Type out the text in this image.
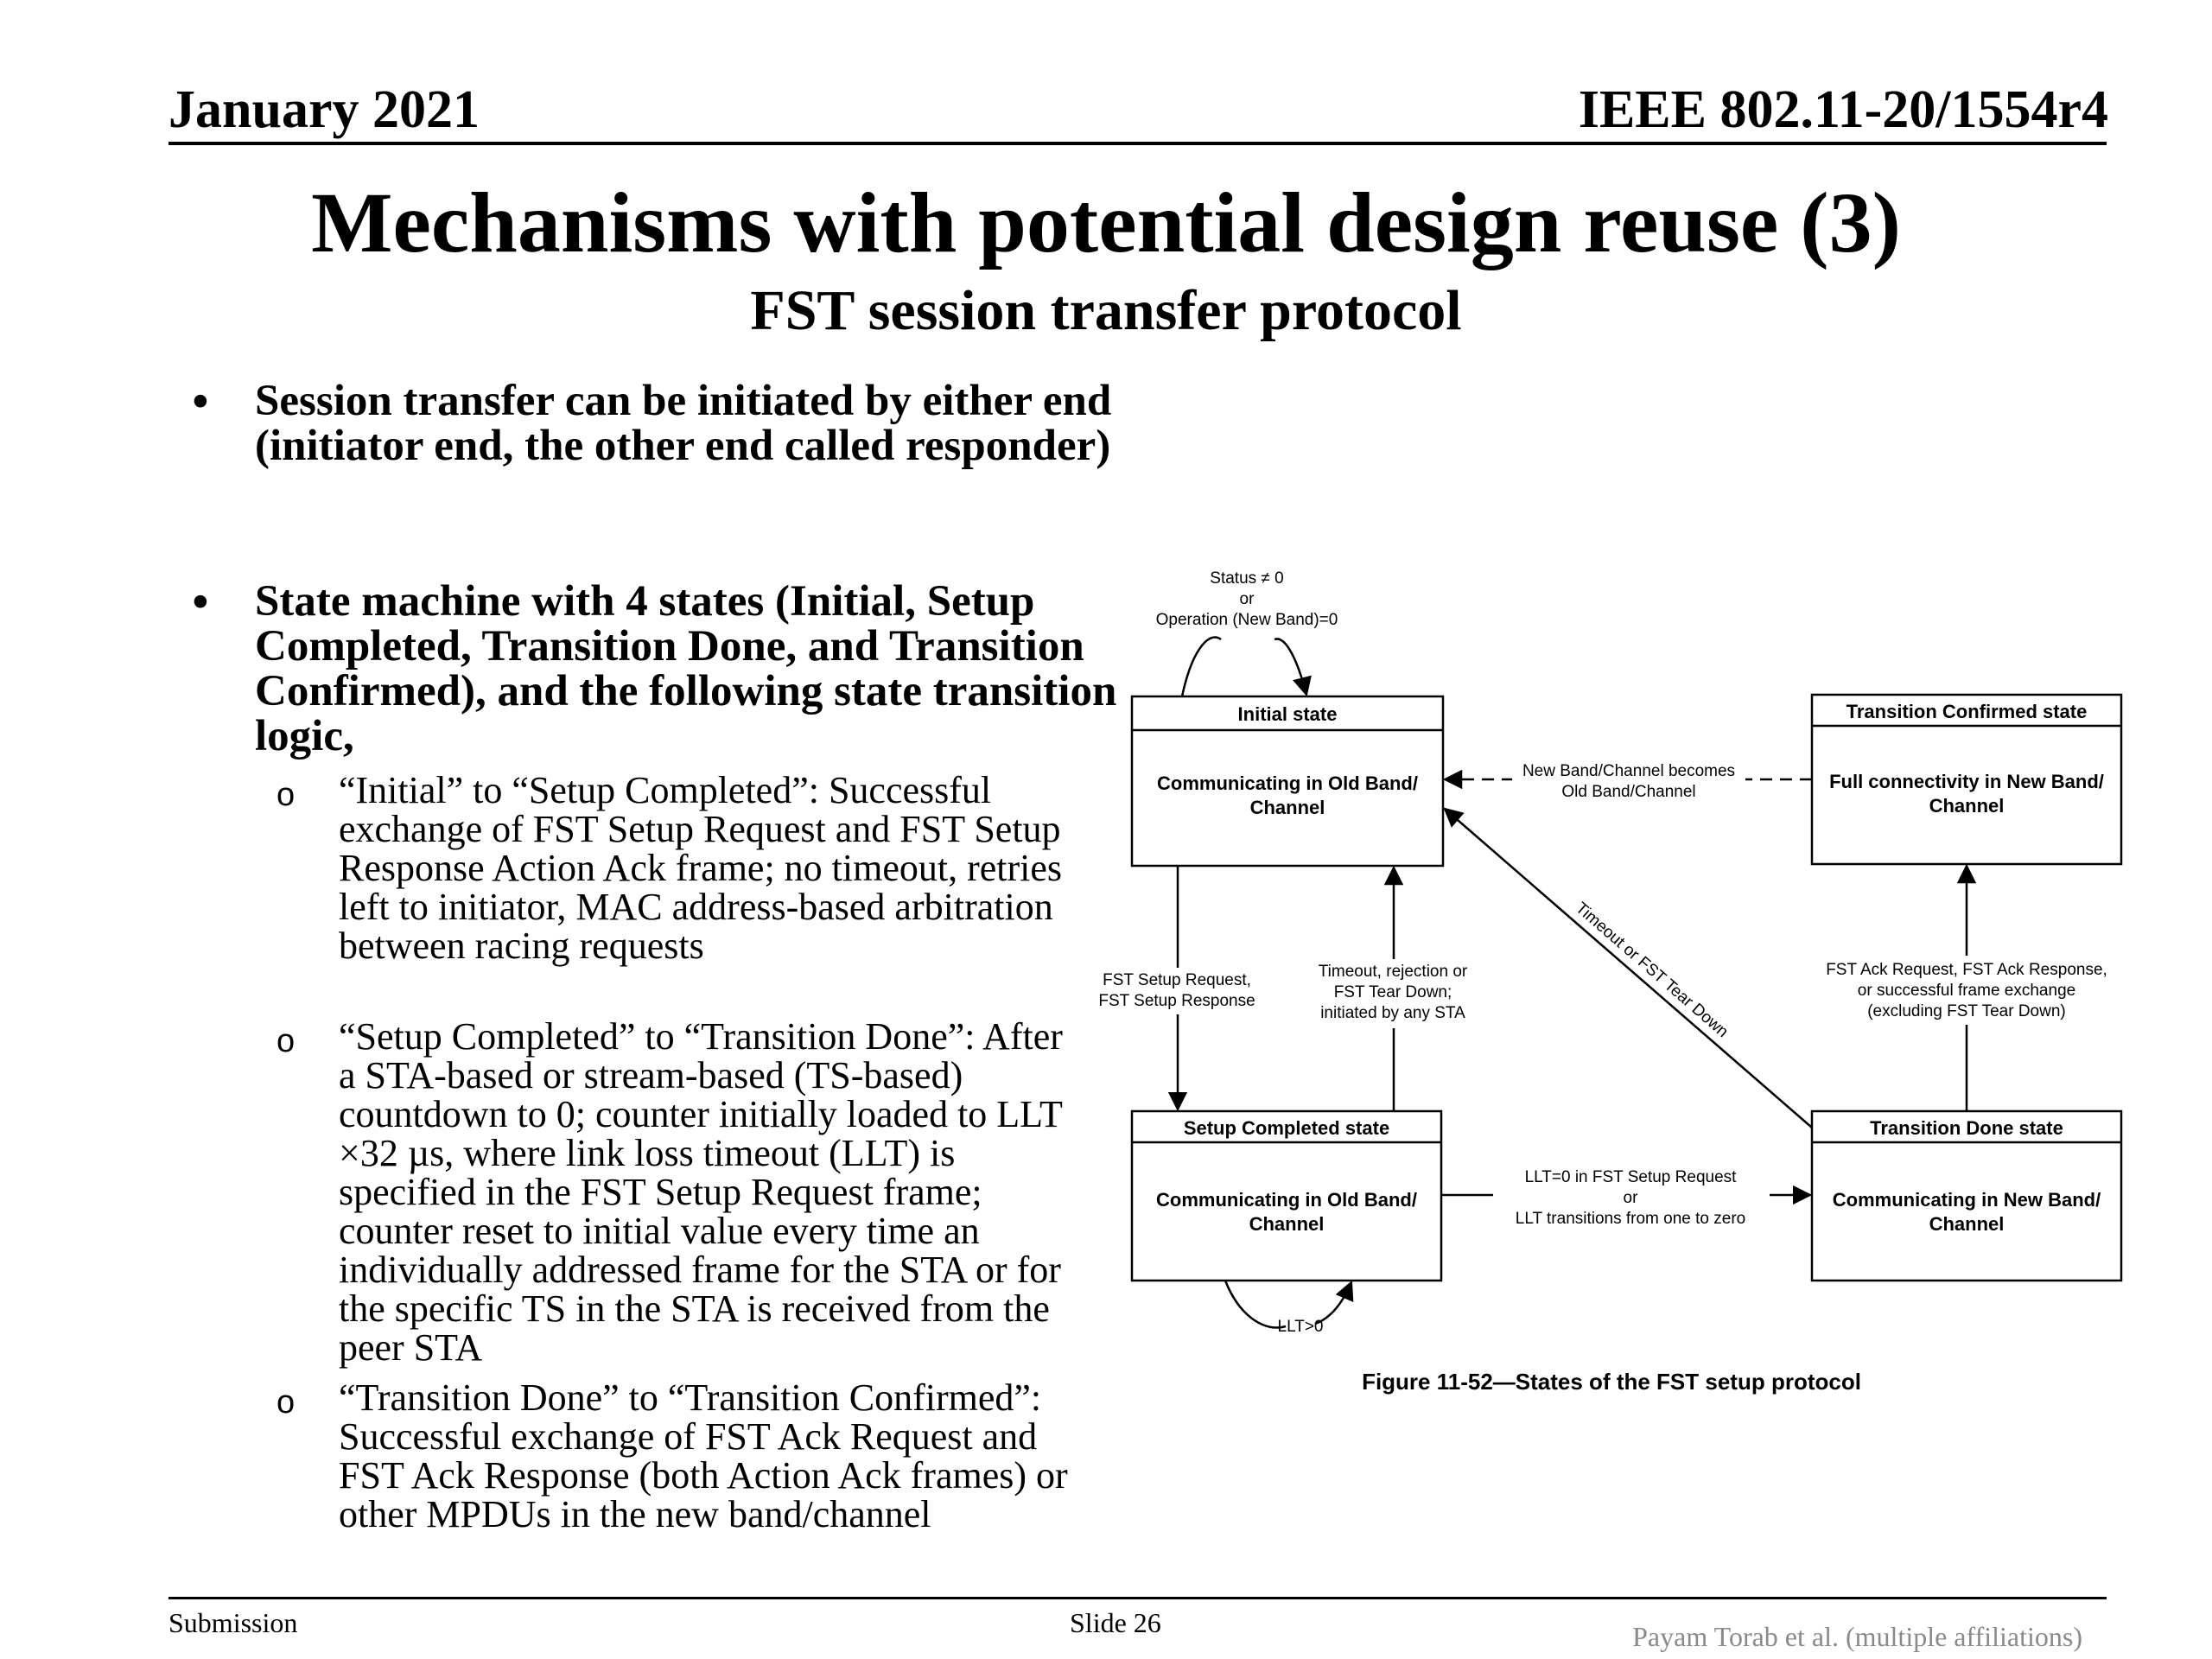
January 2021	IEEE 802.11-20/1554r4
Mechanisms with potential design reuse (3)
FST session transfer protocol
• Session transfer can be initiated by either end (initiator end, the other end called responder)
• State machine with 4 states (Initial, Setup Completed, Transition Done, and Transition Confirmed), and the following state transition logic,
o “Initial” to “Setup Completed”: Successful exchange of FST Setup Request and FST Setup Response Action Ack frame; no timeout, retries left to initiator, MAC address-based arbitration between racing requests
o “Setup Completed” to “Transition Done”: After a STA-based or stream-based (TS-based) countdown to 0; counter initially loaded to LLT ×32 µs, where link loss timeout (LLT) is specified in the FST Setup Request frame; counter reset to initial value every time an individually addressed frame for the STA or for the specific TS in the STA is received from the peer STA
o “Transition Done” to “Transition Confirmed”: Successful exchange of FST Ack Request and FST Ack Response (both Action Ack frames) or other MPDUs in the new band/channel
Initial state
Communicating in Old Band/
Channel
Transition Confirmed state
Full connectivity in New Band/
Channel
Setup Completed state
Communicating in Old Band/
Channel
Transition Done state
Communicating in New Band/
Channel
Status ≠ 0
or
Operation (New Band)=0
New Band/Channel becomes
Old Band/Channel
FST Setup Request,
FST Setup Response
Timeout, rejection or
FST Tear Down;
initiated by any STA	Timeout or FST Tear Down	FST Ack Request, FST Ack Response,
or successful frame exchange
(excluding FST Tear Down)
LLT=0 in FST Setup Request
or
LLT transitions from one to zero
LLT>0
Figure 11-52—States of the FST setup protocol
Submission	Slide 26	Payam Torab et al. (multiple affiliations)
